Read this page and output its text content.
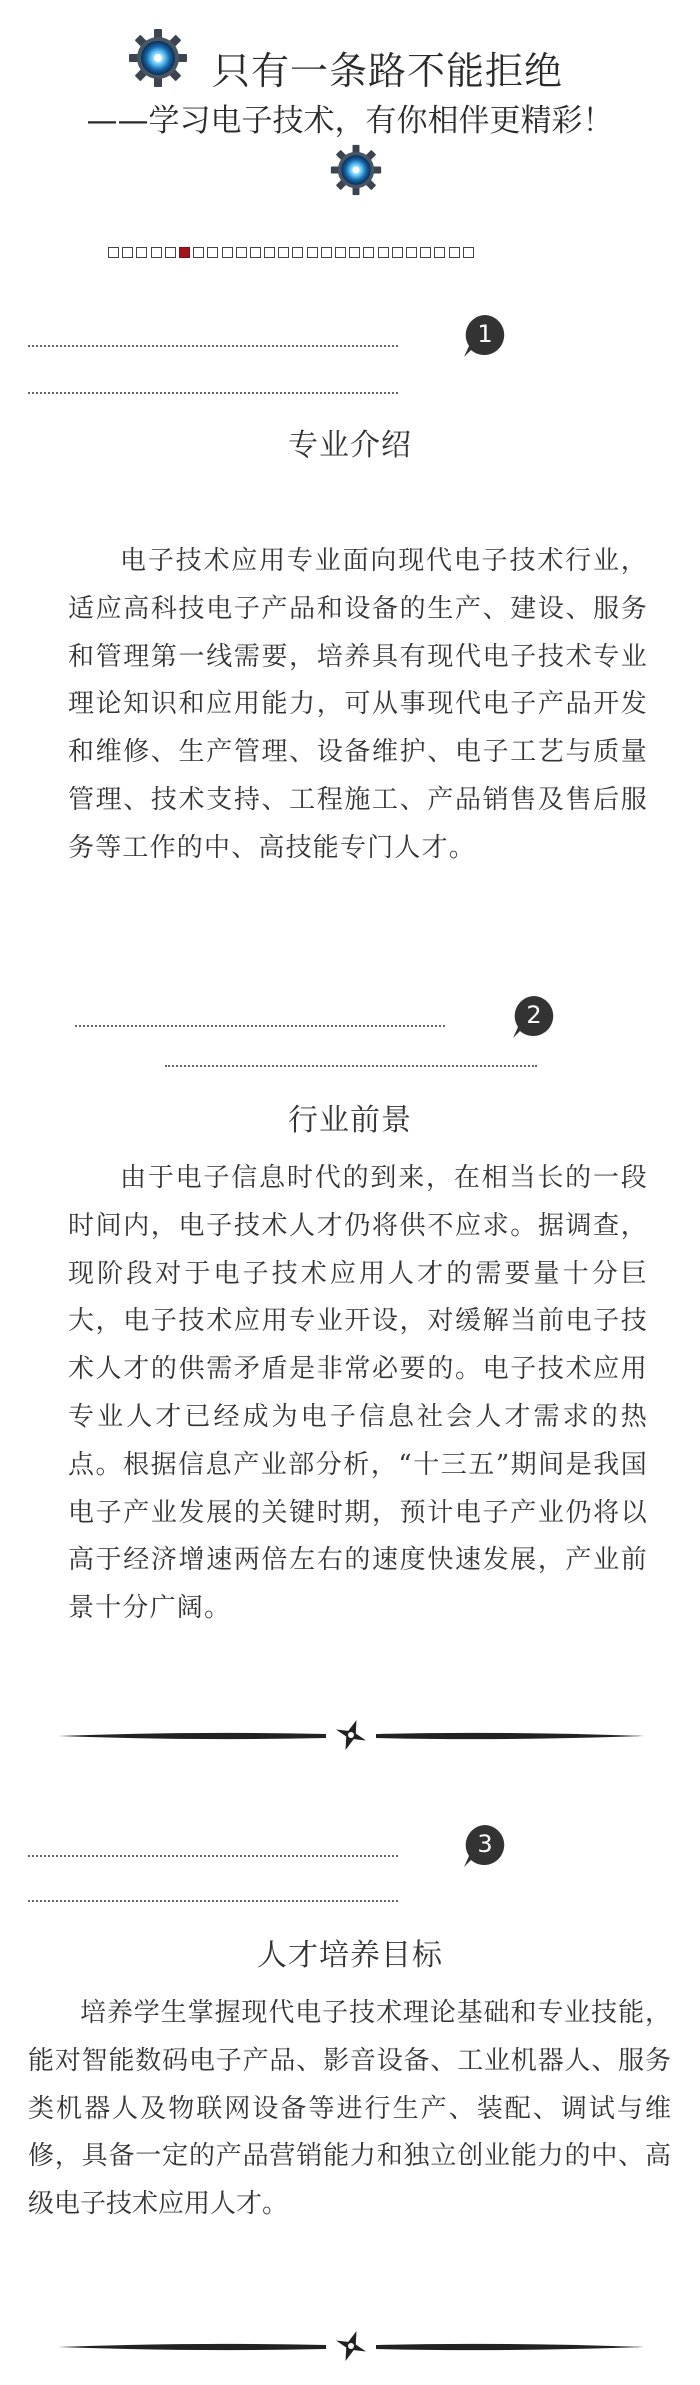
只有一条路不能拒绝
——学习电子技术，有你相伴更精彩！
1
专业介绍

电子技术应用专业面向现代电子技术行业，适应高科技电子产品和设备的生产、建设、服务和管理第一线需要，培养具有现代电子技术专业理论知识和应用能力，可从事现代电子产品开发和维修、生产管理、设备维护、电子工艺与质量管理、技术支持、工程施工、产品销售及售后服务等工作的中、高技能专门人才。

2
行业前景

由于电子信息时代的到来，在相当长的一段时间内，电子技术人才仍将供不应求。据调查，现阶段对于电子技术应用人才的需要量十分巨大，电子技术应用专业开设，对缓解当前电子技术人才的供需矛盾是非常必要的。电子技术应用专业人才已经成为电子信息社会人才需求的热点。根据信息产业部分析，“十三五”期间是我国电子产业发展的关键时期，预计电子产业仍将以高于经济增速两倍左右的速度快速发展，产业前景十分广阔。

3
人才培养目标

培养学生掌握现代电子技术理论基础和专业技能，能对智能数码电子产品、影音设备、工业机器人、服务类机器人及物联网设备等进行生产、装配、调试与维修，具备一定的产品营销能力和独立创业能力的中、高级电子技术应用人才。
